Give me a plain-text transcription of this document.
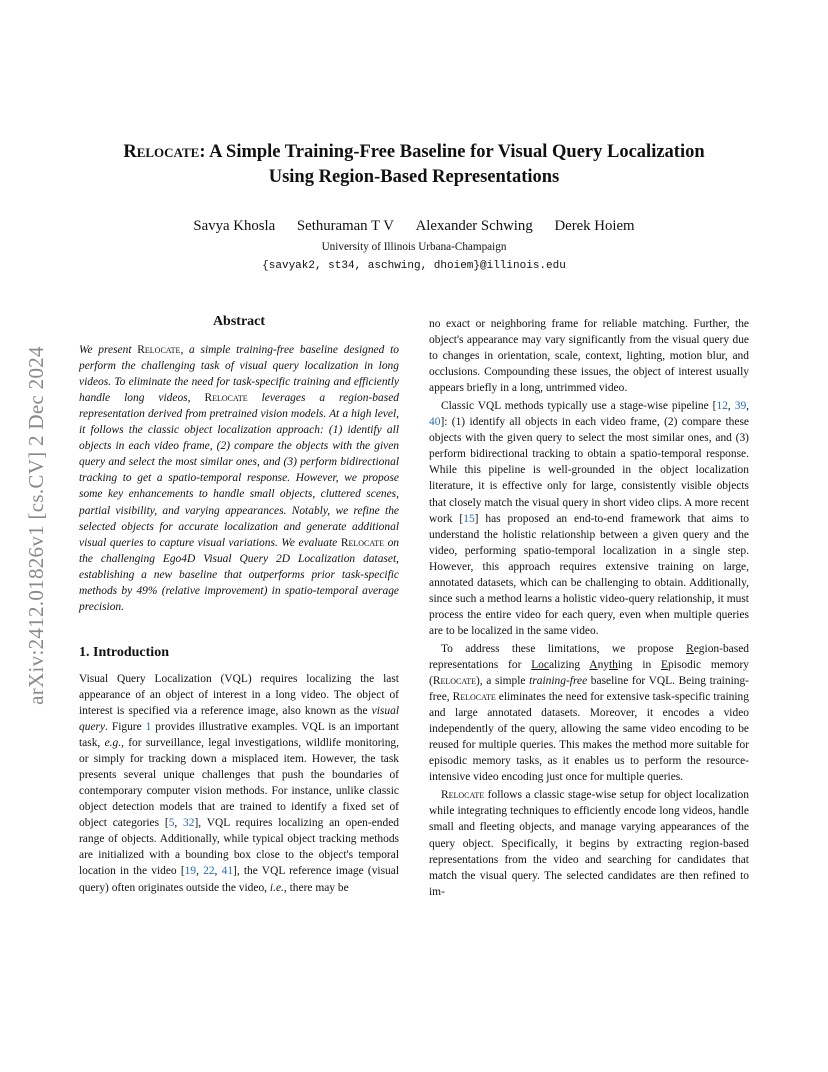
arXiv:2412.01826v1 [cs.CV] 2 Dec 2024
Relocate: A Simple Training-Free Baseline for Visual Query Localization
Using Region-Based Representations
Savya Khosla Sethuraman T V Alexander Schwing Derek Hoiem
University of Illinois Urbana-Champaign
{savyak2, st34, aschwing, dhoiem}@illinois.edu
Abstract

We present Relocate, a simple training-free baseline designed to perform the challenging task of visual query localization in long videos. To eliminate the need for task-specific training and efficiently handle long videos, Relocate leverages a region-based representation derived from pretrained vision models. At a high level, it follows the classic object localization approach: (1) identify all objects in each video frame, (2) compare the objects with the given query and select the most similar ones, and (3) perform bidirectional tracking to get a spatio-temporal response. However, we propose some key enhancements to handle small objects, cluttered scenes, partial visibility, and varying appearances. Notably, we refine the selected objects for accurate localization and generate additional visual queries to capture visual variations. We evaluate Relocate on the challenging Ego4D Visual Query 2D Localization dataset, establishing a new baseline that outperforms prior task-specific methods by 49% (relative improvement) in spatio-temporal average precision.

1. Introduction

Visual Query Localization (VQL) requires localizing the last appearance of an object of interest in a long video. The object of interest is specified via a reference image, also known as the visual query. Figure 1 provides illustrative examples. VQL is an important task, e.g., for surveillance, legal investigations, wildlife monitoring, or simply for tracking down a misplaced item. However, the task presents several unique challenges that push the boundaries of contemporary computer vision methods. For instance, unlike classic object detection models that are trained to identify a fixed set of object categories [5, 32], VQL requires localizing an open-ended range of objects. Additionally, while typical object tracking methods are initialized with a bounding box close to the object's temporal location in the video [19, 22, 41], the VQL reference image (visual query) often originates outside the video, i.e., there may be

no exact or neighboring frame for reliable matching. Further, the object's appearance may vary significantly from the visual query due to changes in orientation, scale, context, lighting, motion blur, and occlusions. Compounding these issues, the object of interest usually appears briefly in a long, untrimmed video.

Classic VQL methods typically use a stage-wise pipeline [12, 39, 40]: (1) identify all objects in each video frame, (2) compare these objects with the given query to select the most similar ones, and (3) perform bidirectional tracking to obtain a spatio-temporal response. While this pipeline is well-grounded in the object localization literature, it is effective only for large, consistently visible objects that closely match the visual query in short video clips. A more recent work [15] has proposed an end-to-end framework that aims to understand the holistic relationship between a given query and the video, performing spatio-temporal localization in a single step. However, this approach requires extensive training on large, annotated datasets, which can be challenging to obtain. Additionally, since such a method learns a holistic video-query relationship, it must process the entire video for each query, even when multiple queries are to be localized in the same video.

To address these limitations, we propose Region-based representations for Localizing Anything in Episodic memory (Relocate), a simple training-free baseline for VQL. Being training-free, Relocate eliminates the need for extensive task-specific training and large annotated datasets. Moreover, it encodes a video independently of the query, allowing the same video encoding to be reused for multiple queries. This makes the method more suitable for episodic memory tasks, as it enables us to perform the resource-intensive video encoding just once for multiple queries.

Relocate follows a classic stage-wise setup for object localization while integrating techniques to efficiently encode long videos, handle small and fleeting objects, and manage varying appearances of the query object. Specifically, it begins by extracting region-based representations from the video and searching for candidates that match the visual query. The selected candidates are then refined to im-
